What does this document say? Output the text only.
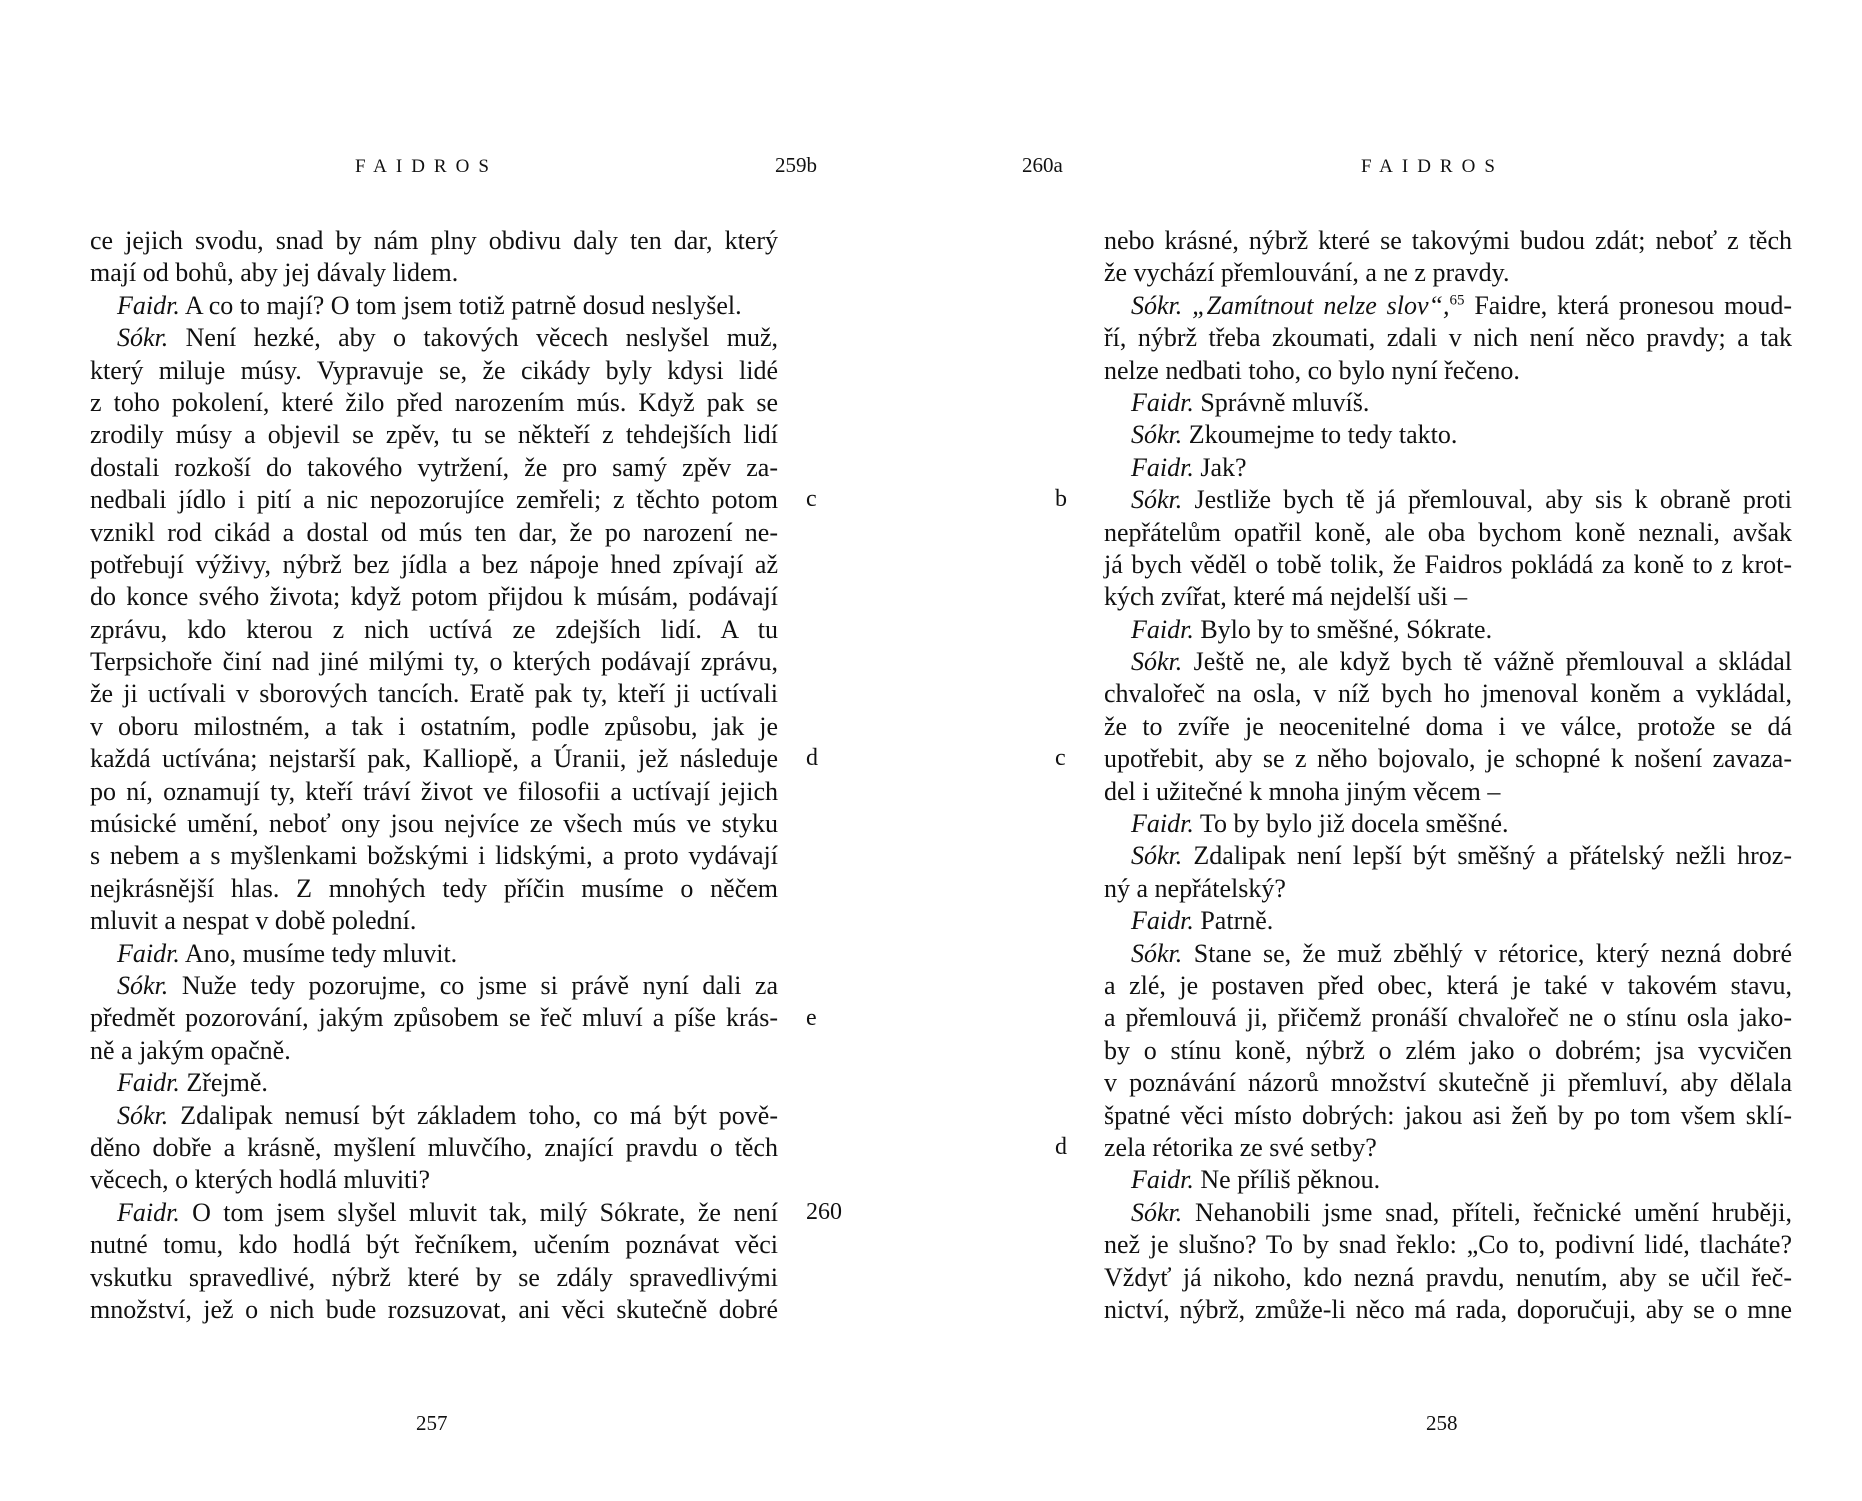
FAIDROS	259b
ce jejich svodu, snad by nám plny obdivu daly ten dar, který
mají od bohů, aby jej dávaly lidem.
Faidr. A co to mají? O tom jsem totiž patrně dosud neslyšel.
Sókr. Není hezké, aby o takových věcech neslyšel muž,
který miluje músy. Vypravuje se, že cikády byly kdysi lidé
z toho pokolení, které žilo před narozením mús. Když pak se
zrodily músy a objevil se zpěv, tu se někteří z tehdejších lidí
dostali rozkoší do takového vytržení, že pro samý zpěv za-
nedbali jídlo i pití a nic nepozorujíce zemřeli; z těchto potom
vznikl rod cikád a dostal od mús ten dar, že po narození ne-
potřebují výživy, nýbrž bez jídla a bez nápoje hned zpívají až
do konce svého života; když potom přijdou k músám, podávají
zprávu, kdo kterou z nich uctívá ze zdejších lidí. A tu
Terpsichoře činí nad jiné milými ty, o kterých podávají zprávu,
že ji uctívali v sborových tancích. Eratě pak ty, kteří ji uctívali
v oboru milostném, a tak i ostatním, podle způsobu, jak je
každá uctívána; nejstarší pak, Kalliopě, a Úranii, jež následuje
po ní, oznamují ty, kteří tráví život ve filosofii a uctívají jejich
músické umění, neboť ony jsou nejvíce ze všech mús ve styku
s nebem a s myšlenkami božskými i lidskými, a proto vydávají
nejkrásnější hlas. Z mnohých tedy příčin musíme o něčem
mluvit a nespat v době polední.
Faidr. Ano, musíme tedy mluvit.
Sókr. Nuže tedy pozorujme, co jsme si právě nyní dali za
předmět pozorování, jakým způsobem se řeč mluví a píše krás-
ně a jakým opačně.
Faidr. Zřejmě.
Sókr. Zdalipak nemusí být základem toho, co má být pově-
děno dobře a krásně, myšlení mluvčího, znající pravdu o těch
věcech, o kterých hodlá mluviti?
Faidr. O tom jsem slyšel mluvit tak, milý Sókrate, že není
nutné tomu, kdo hodlá být řečníkem, učením poznávat věci
vskutku spravedlivé, nýbrž které by se zdály spravedlivými
množství, jež o nich bude rozsuzovat, ani věci skutečně dobré
c
d
e
260
257
260a	FAIDROS
nebo krásné, nýbrž které se takovými budou zdát; neboť z těch
že vychází přemlouvání, a ne z pravdy.
Sókr. „Zamítnout nelze slov“,$^{65}$ Faidre, která pronesou moud-
ří, nýbrž třeba zkoumati, zdali v nich není něco pravdy; a tak
nelze nedbati toho, co bylo nyní řečeno.
Faidr. Správně mluvíš.
Sókr. Zkoumejme to tedy takto.
Faidr. Jak?
Sókr. Jestliže bych tě já přemlouval, aby sis k obraně proti
nepřátelům opatřil koně, ale oba bychom koně neznali, avšak
já bych věděl o tobě tolik, že Faidros pokládá za koně to z krot-
kých zvířat, které má nejdelší uši –
Faidr. Bylo by to směšné, Sókrate.
Sókr. Ještě ne, ale když bych tě vážně přemlouval a skládal
chvalořeč na osla, v níž bych ho jmenoval koněm a vykládal,
že to zvíře je neocenitelné doma i ve válce, protože se dá
upotřebit, aby se z něho bojovalo, je schopné k nošení zavaza-
del i užitečné k mnoha jiným věcem –
Faidr. To by bylo již docela směšné.
Sókr. Zdalipak není lepší být směšný a přátelský nežli hroz-
ný a nepřátelský?
Faidr. Patrně.
Sókr. Stane se, že muž zběhlý v rétorice, který nezná dobré
a zlé, je postaven před obec, která je také v takovém stavu,
a přemlouvá ji, přičemž pronáší chvalořeč ne o stínu osla jako-
by o stínu koně, nýbrž o zlém jako o dobrém; jsa vycvičen
v poznávání názorů množství skutečně ji přemluví, aby dělala
špatné věci místo dobrých: jakou asi žeň by po tom všem sklí-
zela rétorika ze své setby?
Faidr. Ne příliš pěknou.
Sókr. Nehanobili jsme snad, příteli, řečnické umění hruběji,
než je slušno? To by snad řeklo: „Co to, podivní lidé, tlacháte?
Vždyť já nikoho, kdo nezná pravdu, nenutím, aby se učil řeč-
nictví, nýbrž, zmůže-li něco má rada, doporučuji, aby se o mne
b
c
d
258
